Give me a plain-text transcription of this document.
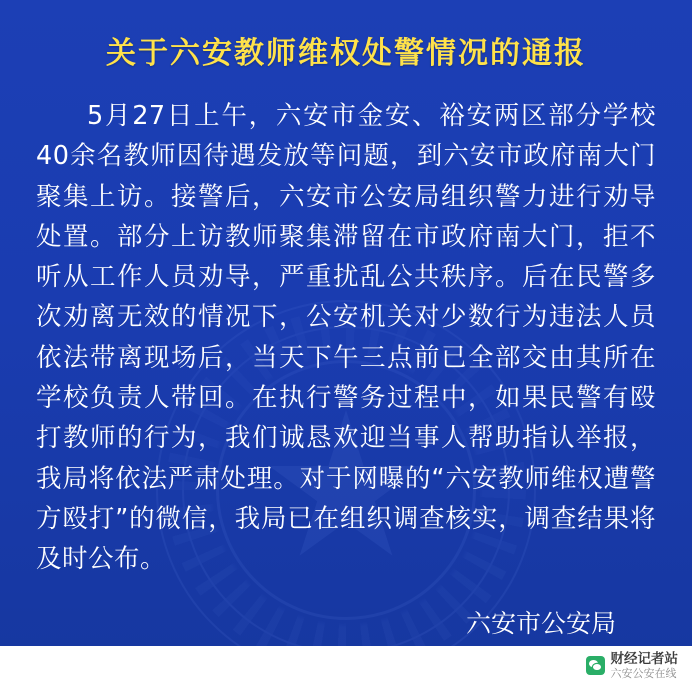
关于六安教师维权处警情况的通报
5月27日上午，六安市金安、裕安两区部分学校40余名教师因待遇发放等问题，到六安市政府南大门聚集上访。接警后，六安市公安局组织警力进行劝导处置。部分上访教师聚集滞留在市政府南大门，拒不听从工作人员劝导，严重扰乱公共秩序。后在民警多次劝离无效的情况下，公安机关对少数行为违法人员依法带离现场后，当天下午三点前已全部交由其所在学校负责人带回。在执行警务过程中，如果民警有殴打教师的行为，我们诚恳欢迎当事人帮助指认举报，我局将依法严肃处理。对于网曝的“六安教师维权遭警方殴打”的微信，我局已在组织调查核实，调查结果将及时公布。
六安市公安局
财经记者站
六安公安在线
